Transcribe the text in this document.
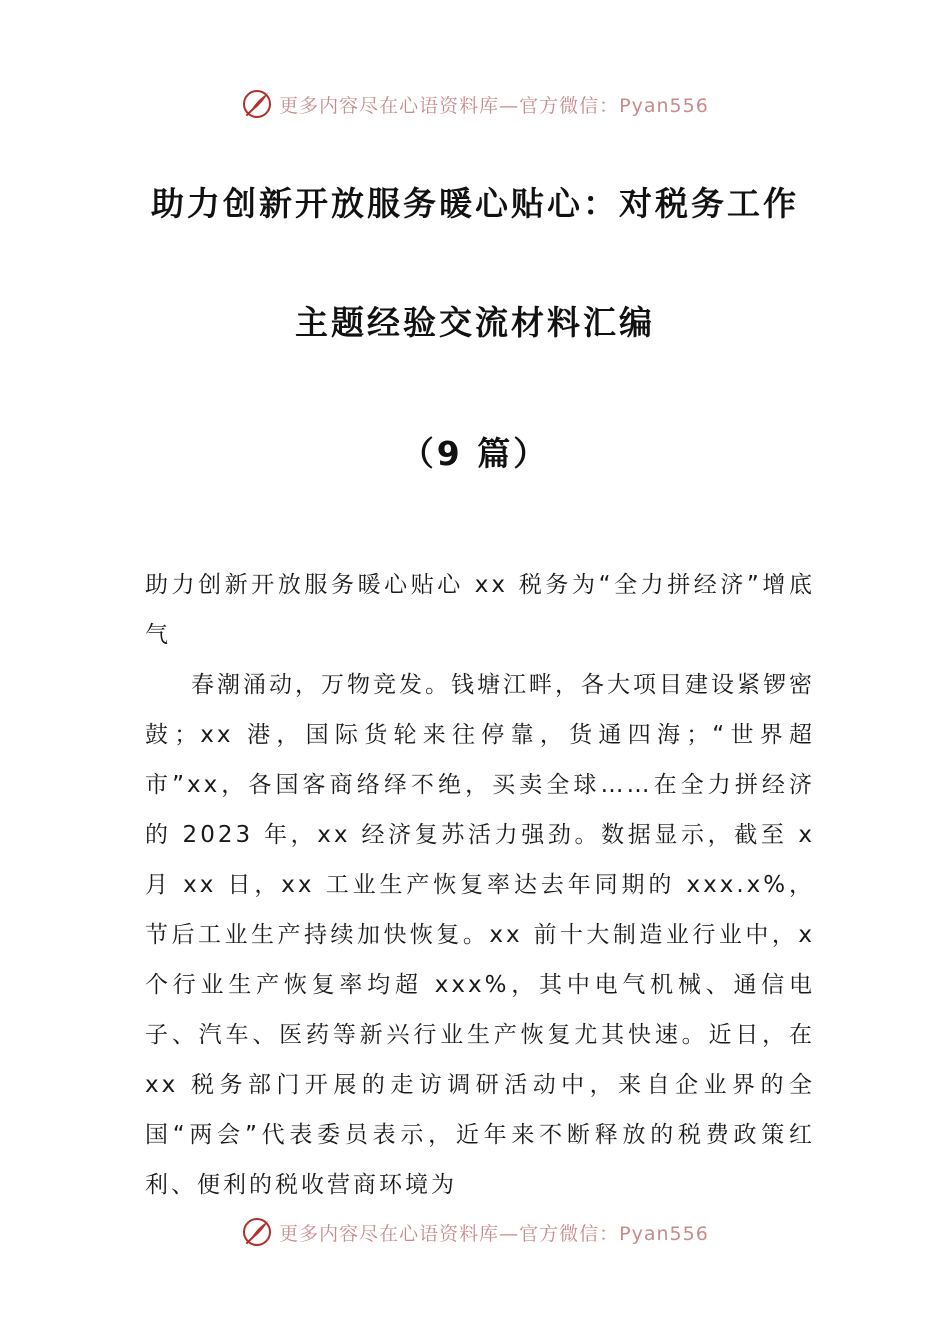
更多内容尽在心语资料库—官方微信：Pyan556
助力创新开放服务暖心贴心：对税务工作
主题经验交流材料汇编
（9 篇）

助力创新开放服务暖心贴心 xx 税务为“全力拼经济”增底气

春潮涌动，万物竞发。钱塘江畔，各大项目建设紧锣密鼓；xx 港，国际货轮来往停靠，货通四海；“世界超市”xx，各国客商络绎不绝，买卖全球……在全力拼经济的 2023 年，xx 经济复苏活力强劲。数据显示，截至 x 月 xx 日，xx 工业生产恢复率达去年同期的 xxx.x%，节后工业生产持续加快恢复。xx 前十大制造业行业中，x 个行业生产恢复率均超 xxx%，其中电气机械、通信电子、汽车、医药等新兴行业生产恢复尤其快速。近日，在 xx 税务部门开展的走访调研活动中，来自企业界的全国“两会”代表委员表示，近年来不断释放的税费政策红利、便利的税收营商环境为

更多内容尽在心语资料库—官方微信：Pyan556
